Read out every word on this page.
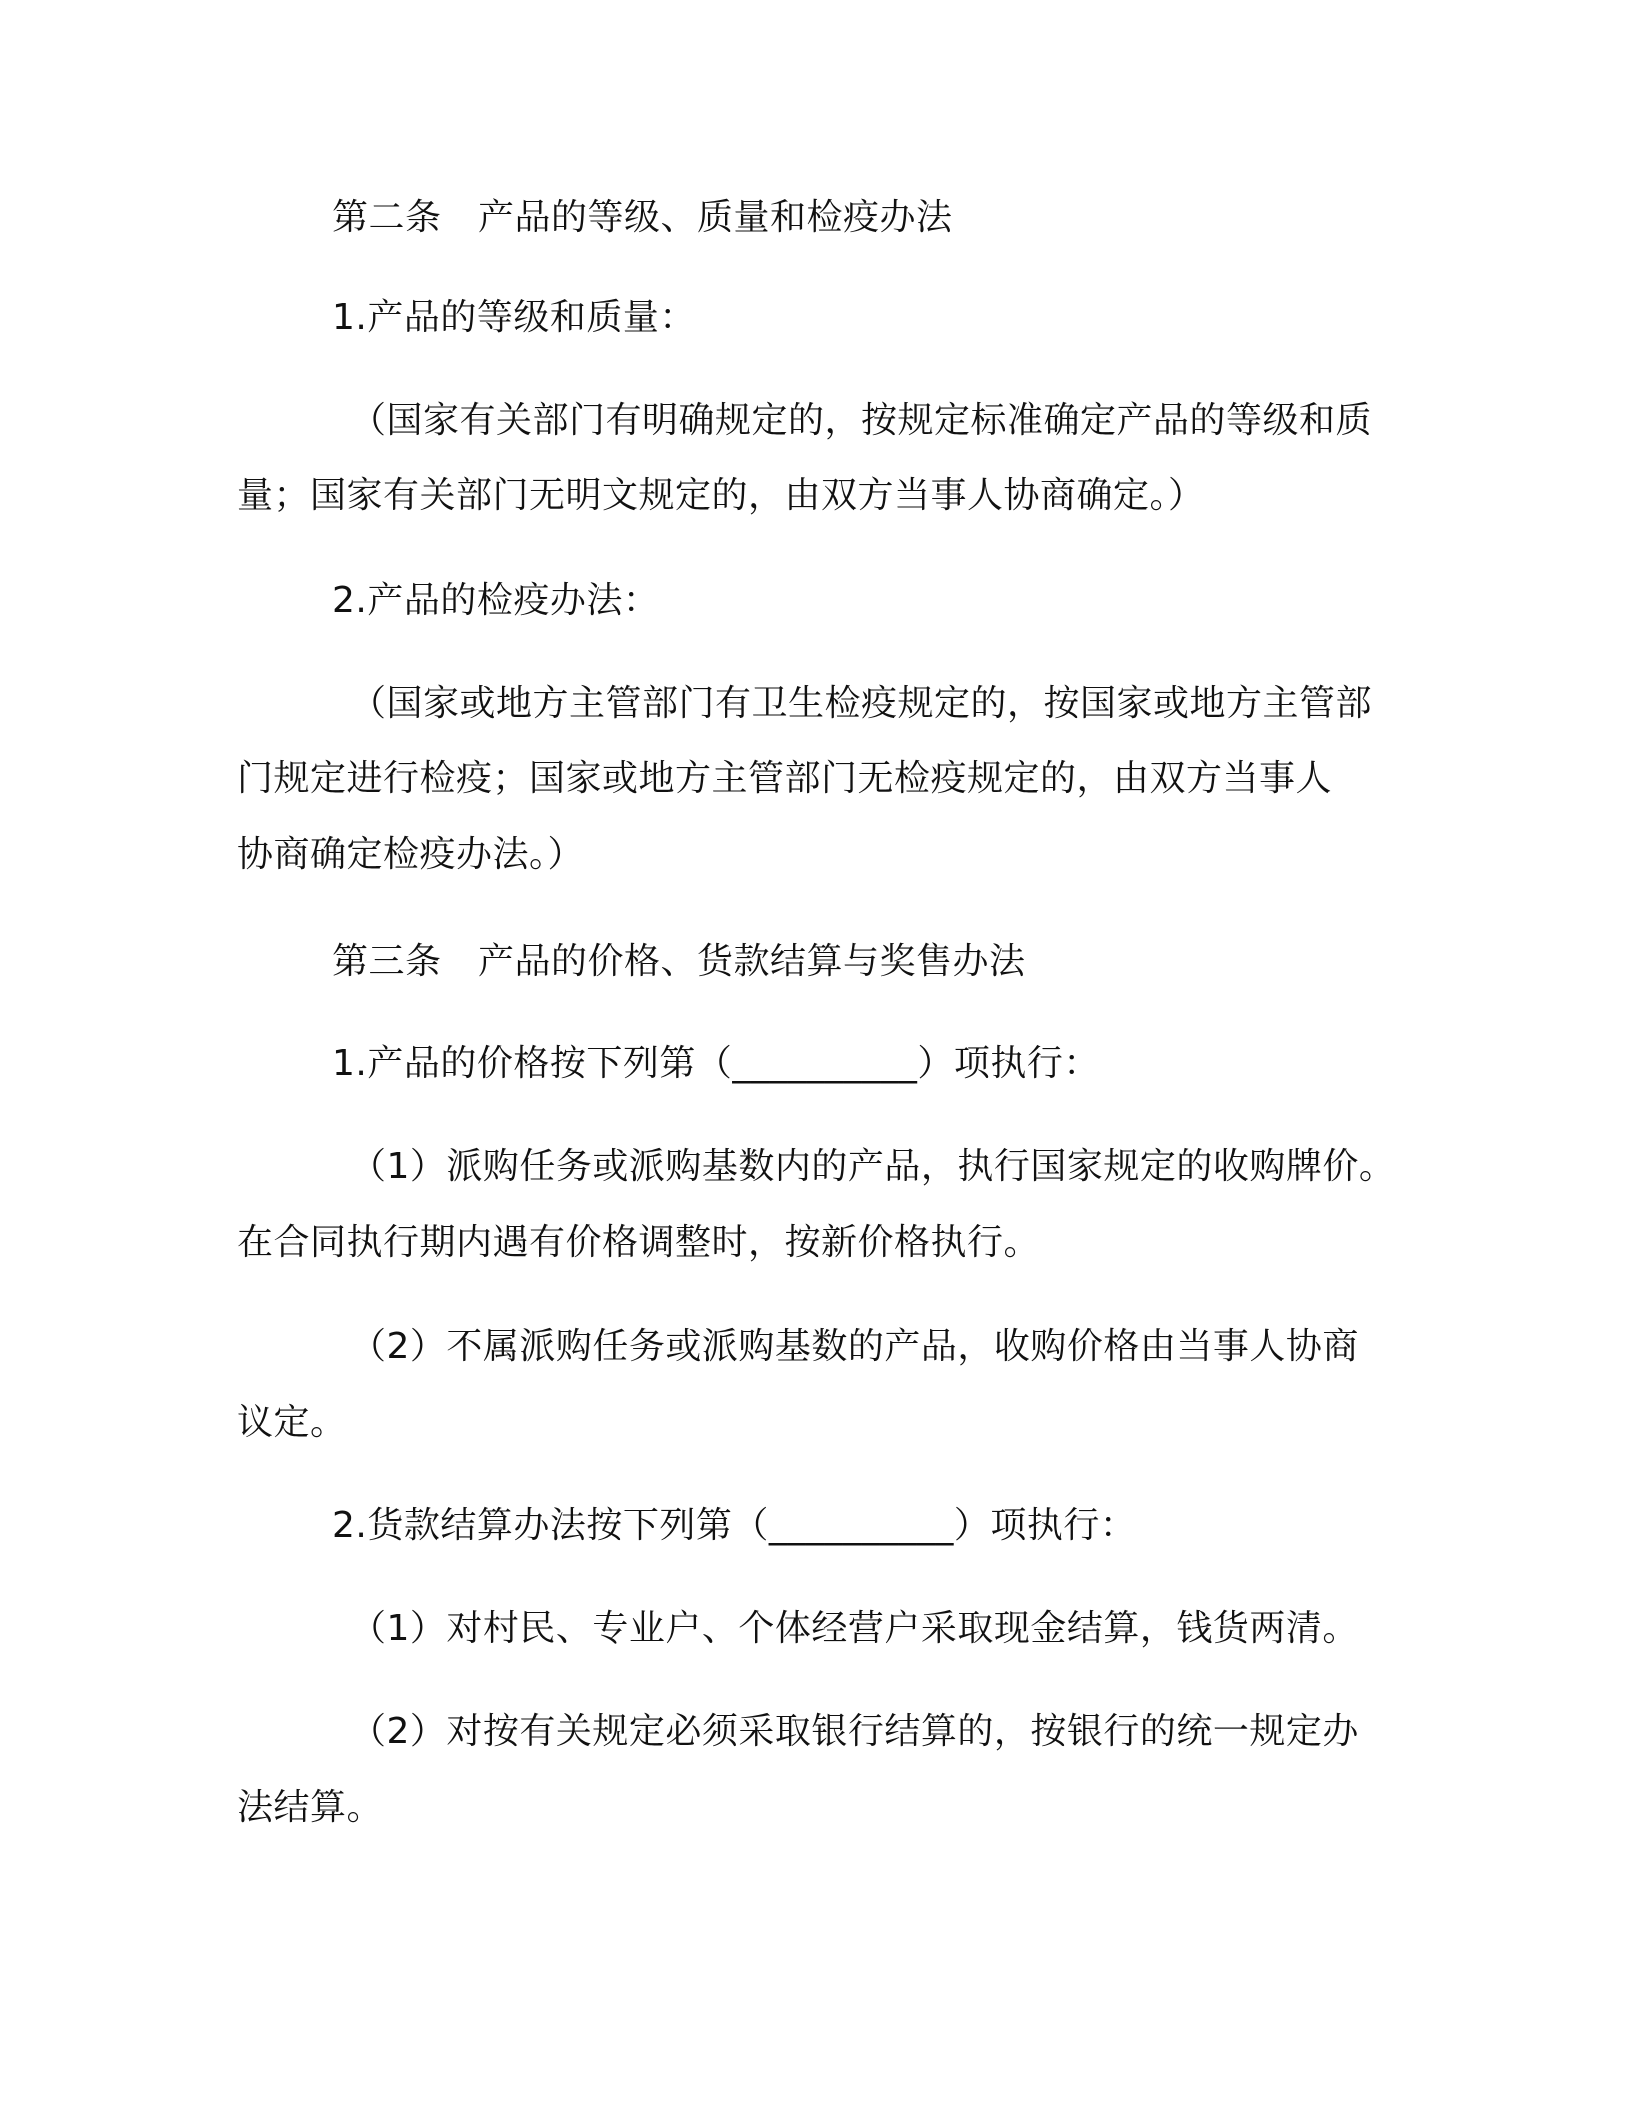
第二条　产品的等级、质量和检疫办法

1.产品的等级和质量：

（国家有关部门有明确规定的，按规定标准确定产品的等级和质

量；国家有关部门无明文规定的，由双方当事人协商确定。）

2.产品的检疫办法：

（国家或地方主管部门有卫生检疫规定的，按国家或地方主管部

门规定进行检疫；国家或地方主管部门无检疫规定的，由双方当事人

协商确定检疫办法。）

第三条　产品的价格、货款结算与奖售办法

1.产品的价格按下列第（__________）项执行：

（1）派购任务或派购基数内的产品，执行国家规定的收购牌价。

在合同执行期内遇有价格调整时，按新价格执行。

（2）不属派购任务或派购基数的产品，收购价格由当事人协商

议定。

2.货款结算办法按下列第（__________）项执行：

（1）对村民、专业户、个体经营户采取现金结算，钱货两清。

（2）对按有关规定必须采取银行结算的，按银行的统一规定办

法结算。
